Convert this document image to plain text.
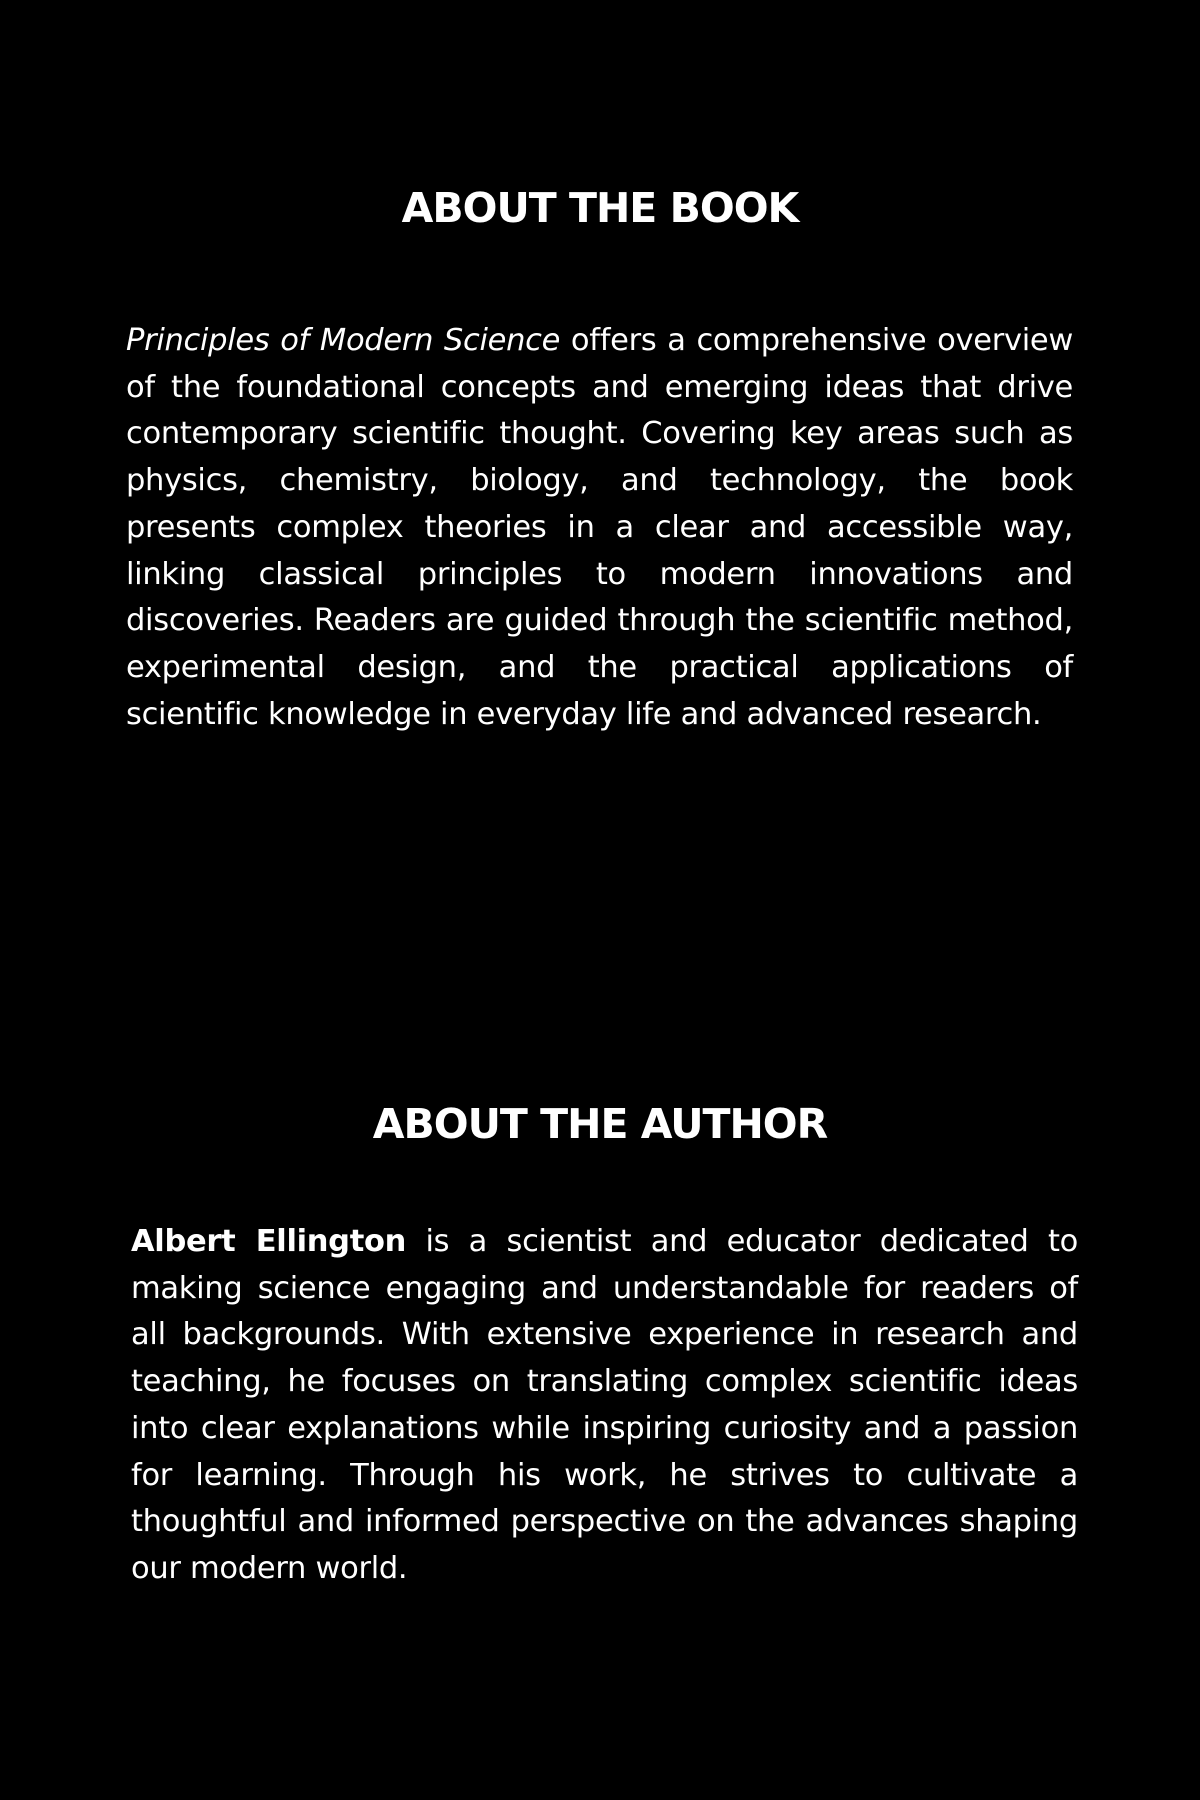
ABOUT THE BOOK

Principles of Modern Science offers a comprehensive overview of the foundational concepts and emerging ideas that drive contemporary scientific thought. Covering key areas such as physics, chemistry, biology, and technology, the book presents complex theories in a clear and accessible way, linking classical principles to modern innovations and discoveries. Readers are guided through the scientific method, experimental design, and the practical applications of scientific knowledge in everyday life and advanced research.

ABOUT THE AUTHOR

Albert Ellington is a scientist and educator dedicated to making science engaging and understandable for readers of all backgrounds. With extensive experience in research and teaching, he focuses on translating complex scientific ideas into clear explanations while inspiring curiosity and a passion for learning. Through his work, he strives to cultivate a thoughtful and informed perspective on the advances shaping our modern world.
